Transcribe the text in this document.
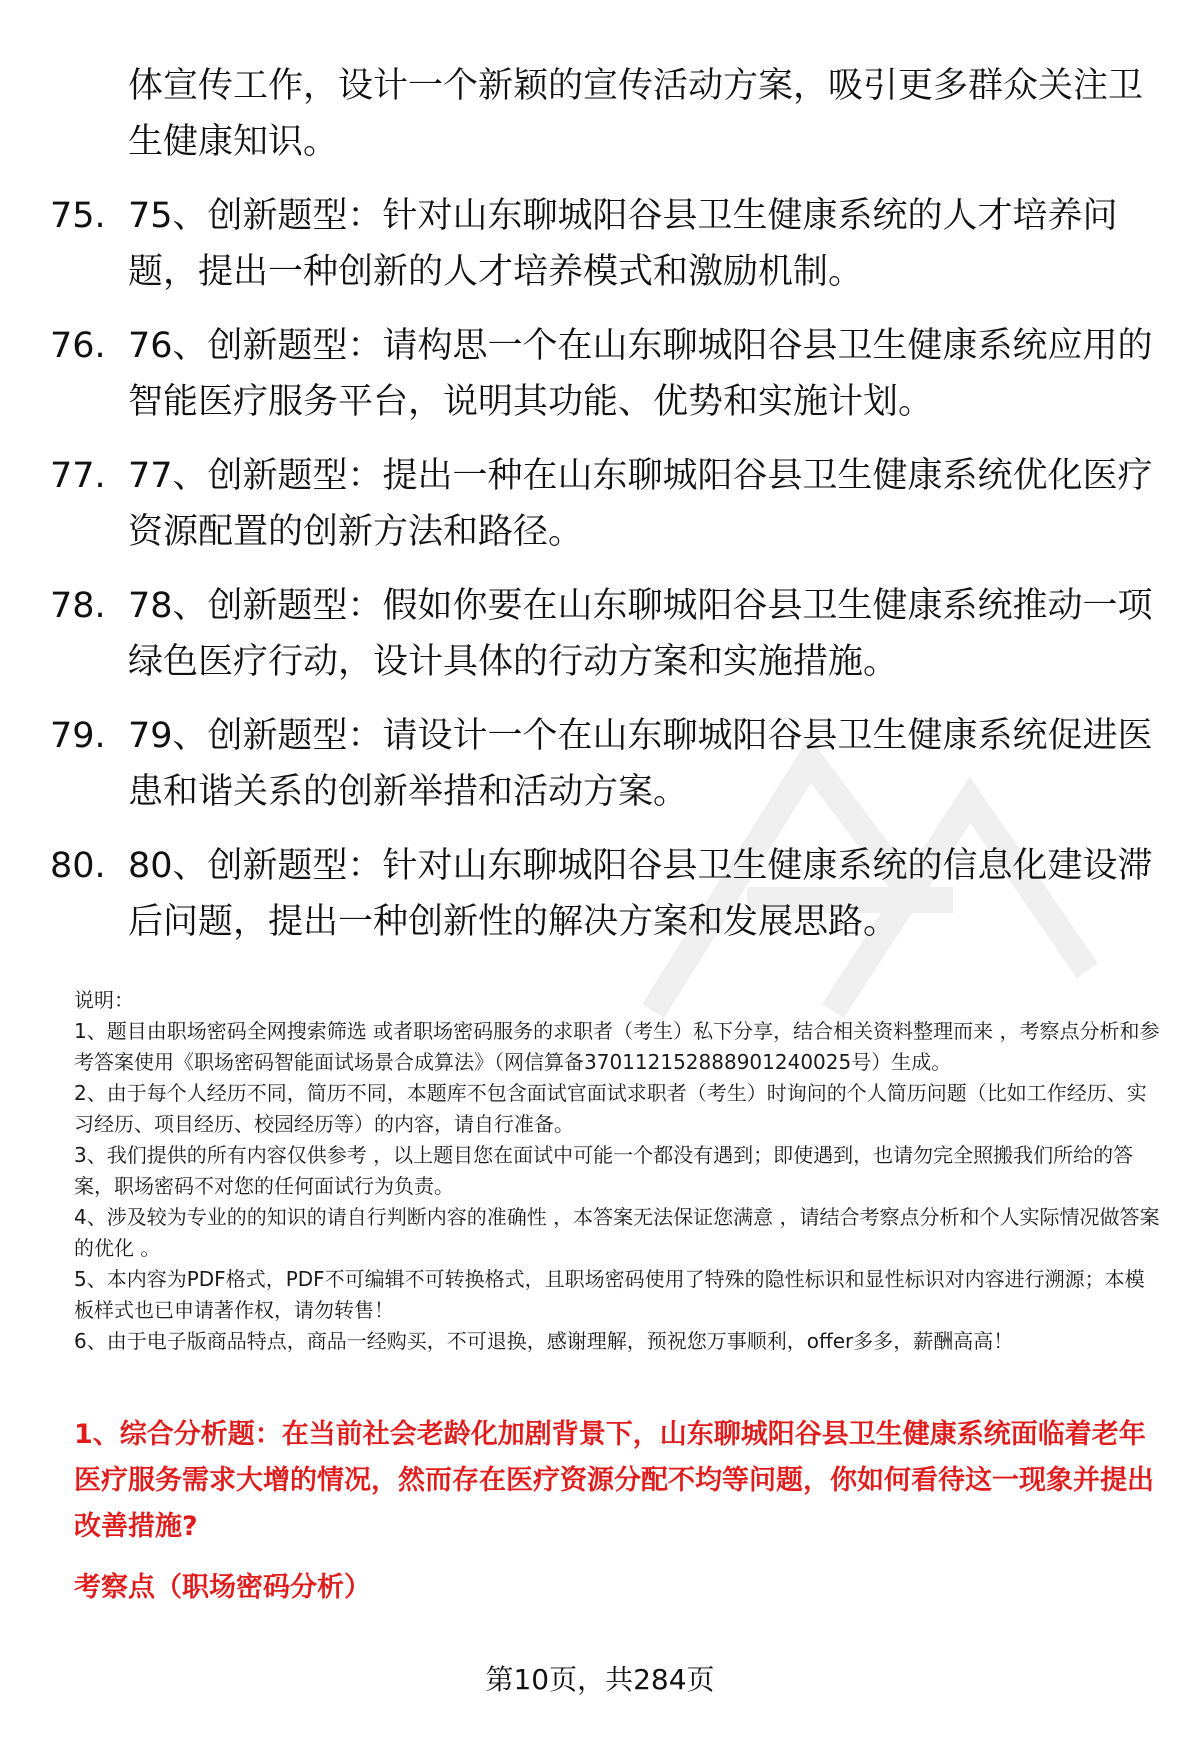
体宣传工作，设计一个新颖的宣传活动方案，吸引更多群众关注卫生健康知识。

75. 75、创新题型：针对山东聊城阳谷县卫生健康系统的人才培养问题，提出一种创新的人才培养模式和激励机制。
76. 76、创新题型：请构思一个在山东聊城阳谷县卫生健康系统应用的智能医疗服务平台，说明其功能、优势和实施计划。
77. 77、创新题型：提出一种在山东聊城阳谷县卫生健康系统优化医疗资源配置的创新方法和路径。
78. 78、创新题型：假如你要在山东聊城阳谷县卫生健康系统推动一项绿色医疗行动，设计具体的行动方案和实施措施。
79. 79、创新题型：请设计一个在山东聊城阳谷县卫生健康系统促进医患和谐关系的创新举措和活动方案。
80. 80、创新题型：针对山东聊城阳谷县卫生健康系统的信息化建设滞后问题，提出一种创新性的解决方案和发展思路。

说明：

1、题目由职场密码全网搜索筛选 或者职场密码服务的求职者（考生）私下分享，结合相关资料整理而来 ，考察点分析和参考答案使用《职场密码智能面试场景合成算法》（网信算备370112152888901240025号）生成。

2、由于每个人经历不同，简历不同，本题库不包含面试官面试求职者（考生）时询问的个人简历问题（比如工作经历、实习经历、项目经历、校园经历等）的内容，请自行准备。

3、我们提供的所有内容仅供参考 ，以上题目您在面试中可能一个都没有遇到；即使遇到，也请勿完全照搬我们所给的答案，职场密码不对您的任何面试行为负责。

4、涉及较为专业的的知识的请自行判断内容的准确性 ，本答案无法保证您满意 ，请结合考察点分析和个人实际情况做答案的优化 。

5、本内容为PDF格式，PDF不可编辑不可转换格式，且职场密码使用了特殊的隐性标识和显性标识对内容进行溯源；本模板样式也已申请著作权，请勿转售！

6、由于电子版商品特点，商品一经购买，不可退换，感谢理解，预祝您万事顺利，offer多多，薪酬高高！

1、综合分析题：在当前社会老龄化加剧背景下，山东聊城阳谷县卫生健康系统面临着老年医疗服务需求大增的情况，然而存在医疗资源分配不均等问题，你如何看待这一现象并提出改善措施?

考察点（职场密码分析）

第10页，共284页
